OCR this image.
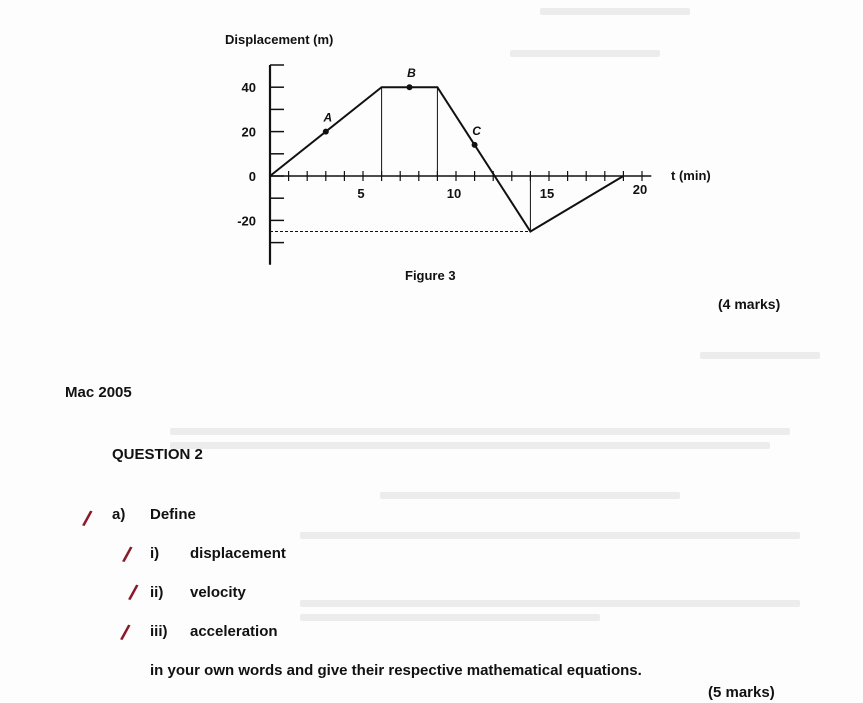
Displacement (m)
t (min)
40
20
0
-20
5	10	15	20
A
B
C
Figure 3
(4 marks)
Mac 2005
QUESTION 2
/ a) Define
/ i) displacement
/ ii) velocity
/ iii) acceleration
in your own words and give their respective mathematical equations.
(5 marks)
